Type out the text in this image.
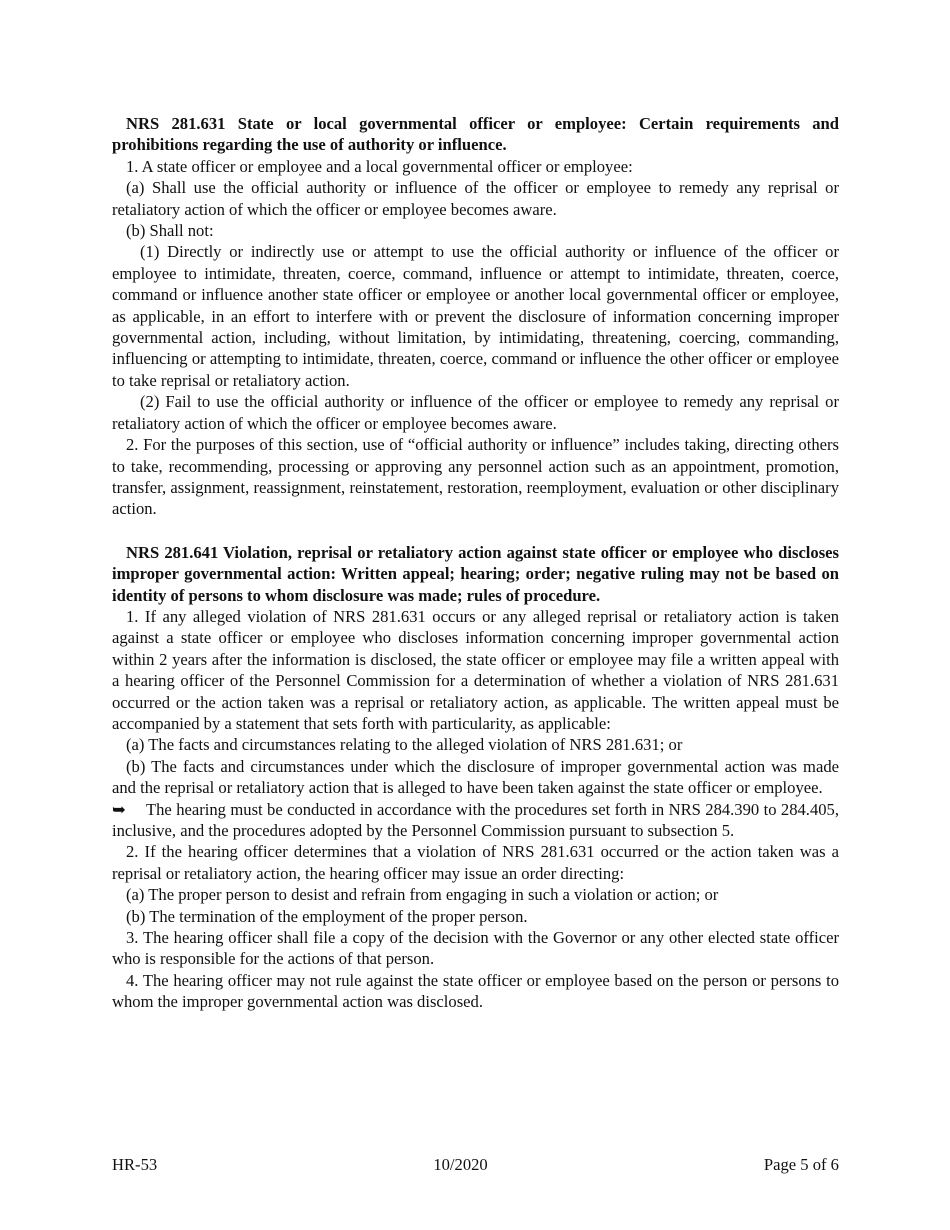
NRS 281.631 State or local governmental officer or employee: Certain requirements and prohibitions regarding the use of authority or influence.

1. A state officer or employee and a local governmental officer or employee:

(a) Shall use the official authority or influence of the officer or employee to remedy any reprisal or retaliatory action of which the officer or employee becomes aware.

(b) Shall not:

(1) Directly or indirectly use or attempt to use the official authority or influence of the officer or employee to intimidate, threaten, coerce, command, influence or attempt to intimidate, threaten, coerce, command or influence another state officer or employee or another local governmental officer or employee, as applicable, in an effort to interfere with or prevent the disclosure of information concerning improper governmental action, including, without limitation, by intimidating, threatening, coercing, commanding, influencing or attempting to intimidate, threaten, coerce, command or influence the other officer or employee to take reprisal or retaliatory action.

(2) Fail to use the official authority or influence of the officer or employee to remedy any reprisal or retaliatory action of which the officer or employee becomes aware.

2. For the purposes of this section, use of “official authority or influence” includes taking, directing others to take, recommending, processing or approving any personnel action such as an appointment, promotion, transfer, assignment, reassignment, reinstatement, restoration, reemployment, evaluation or other disciplinary action.

NRS 281.641 Violation, reprisal or retaliatory action against state officer or employee who discloses improper governmental action: Written appeal; hearing; order; negative ruling may not be based on identity of persons to whom disclosure was made; rules of procedure.

1. If any alleged violation of NRS 281.631 occurs or any alleged reprisal or retaliatory action is taken against a state officer or employee who discloses information concerning improper governmental action within 2 years after the information is disclosed, the state officer or employee may file a written appeal with a hearing officer of the Personnel Commission for a determination of whether a violation of NRS 281.631 occurred or the action taken was a reprisal or retaliatory action, as applicable. The written appeal must be accompanied by a statement that sets forth with particularity, as applicable:

(a) The facts and circumstances relating to the alleged violation of NRS 281.631; or

(b) The facts and circumstances under which the disclosure of improper governmental action was made and the reprisal or retaliatory action that is alleged to have been taken against the state officer or employee.

➥ The hearing must be conducted in accordance with the procedures set forth in NRS 284.390 to 284.405, inclusive, and the procedures adopted by the Personnel Commission pursuant to subsection 5.

2. If the hearing officer determines that a violation of NRS 281.631 occurred or the action taken was a reprisal or retaliatory action, the hearing officer may issue an order directing:

(a) The proper person to desist and refrain from engaging in such a violation or action; or

(b) The termination of the employment of the proper person.

3. The hearing officer shall file a copy of the decision with the Governor or any other elected state officer who is responsible for the actions of that person.

4. The hearing officer may not rule against the state officer or employee based on the person or persons to whom the improper governmental action was disclosed.

HR-53	10/2020	Page 5 of 6
